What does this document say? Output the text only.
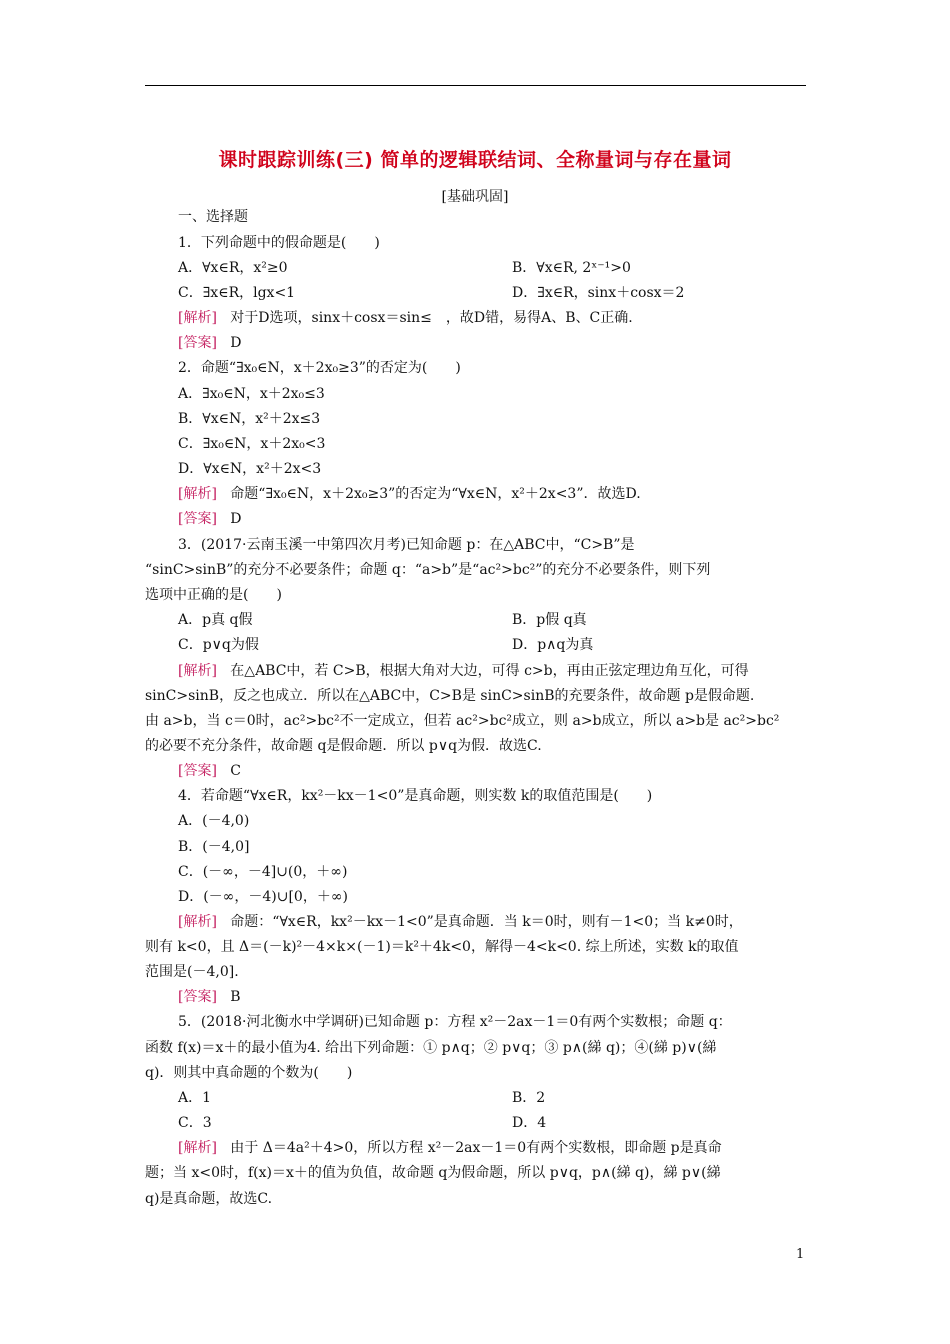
课时跟踪训练(三) 简单的逻辑联结词、全称量词与存在量词
[基础巩固]
一、选择题
1．下列命题中的假命题是(　　)
A．∀x∈R，x²≥0	B．∀x∈R, 2ˣ⁻¹>0
C．∃x∈R，lgx<1	D．∃x∈R，sinx＋cosx＝2
[解析] 对于D选项，sinx＋cosx＝sin≤　，故D错，易得A、B、C正确.
[答案] D
2．命题“∃x₀∈N，x＋2x₀≥3”的否定为(　　)
A．∃x₀∈N，x＋2x₀≤3
B．∀x∈N，x²＋2x≤3
C．∃x₀∈N，x＋2x₀<3
D．∀x∈N，x²＋2x<3
[解析] 命题“∃x₀∈N，x＋2x₀≥3”的否定为“∀x∈N，x²＋2x<3”．故选D.
[答案] D
3．(2017·云南玉溪一中第四次月考)已知命题 p：在△ABC中，“C>B”是
“sinC>sinB”的充分不必要条件；命题 q：“a>b”是“ac²>bc²”的充分不必要条件，则下列
选项中正确的是(　　)
A．p真 q假	B．p假 q真
C．p∨q为假	D．p∧q为真
[解析] 在△ABC中，若 C>B，根据大角对大边，可得 c>b，再由正弦定理边角互化，可得
sinC>sinB，反之也成立．所以在△ABC中，C>B是 sinC>sinB的充要条件，故命题 p是假命题.
由 a>b，当 c＝0时，ac²>bc²不一定成立，但若 ac²>bc²成立，则 a>b成立，所以 a>b是 ac²>bc²
的必要不充分条件，故命题 q是假命题．所以 p∨q为假．故选C.
[答案] C
4．若命题“∀x∈R，kx²－kx－1<0”是真命题，则实数 k的取值范围是(　　)
A．(－4,0)
B．(－4,0]
C．(－∞，－4]∪(0，＋∞)
D．(－∞，－4)∪[0，＋∞)
[解析] 命题：“∀x∈R，kx²－kx－1<0”是真命题．当 k＝0时，则有－1<0；当 k≠0时，
则有 k<0，且 Δ＝(－k)²－4×k×(－1)＝k²＋4k<0，解得－4<k<0. 综上所述，实数 k的取值
范围是(－4,0].
[答案] B
5．(2018·河北衡水中学调研)已知命题 p：方程 x²－2ax－1＝0有两个实数根；命题 q：
函数 f(x)＝x＋的最小值为4. 给出下列命题：① p∧q；② p∨q；③ p∧(綈 q)；④(綈 p)∨(綈
q)．则其中真命题的个数为(　　)
A．1	B．2
C．3	D．4
[解析] 由于 Δ＝4a²＋4>0，所以方程 x²－2ax－1＝0有两个实数根，即命题 p是真命
题；当 x<0时，f(x)＝x＋的值为负值，故命题 q为假命题，所以 p∨q，p∧(綈 q)，綈 p∨(綈
q)是真命题，故选C.
1
